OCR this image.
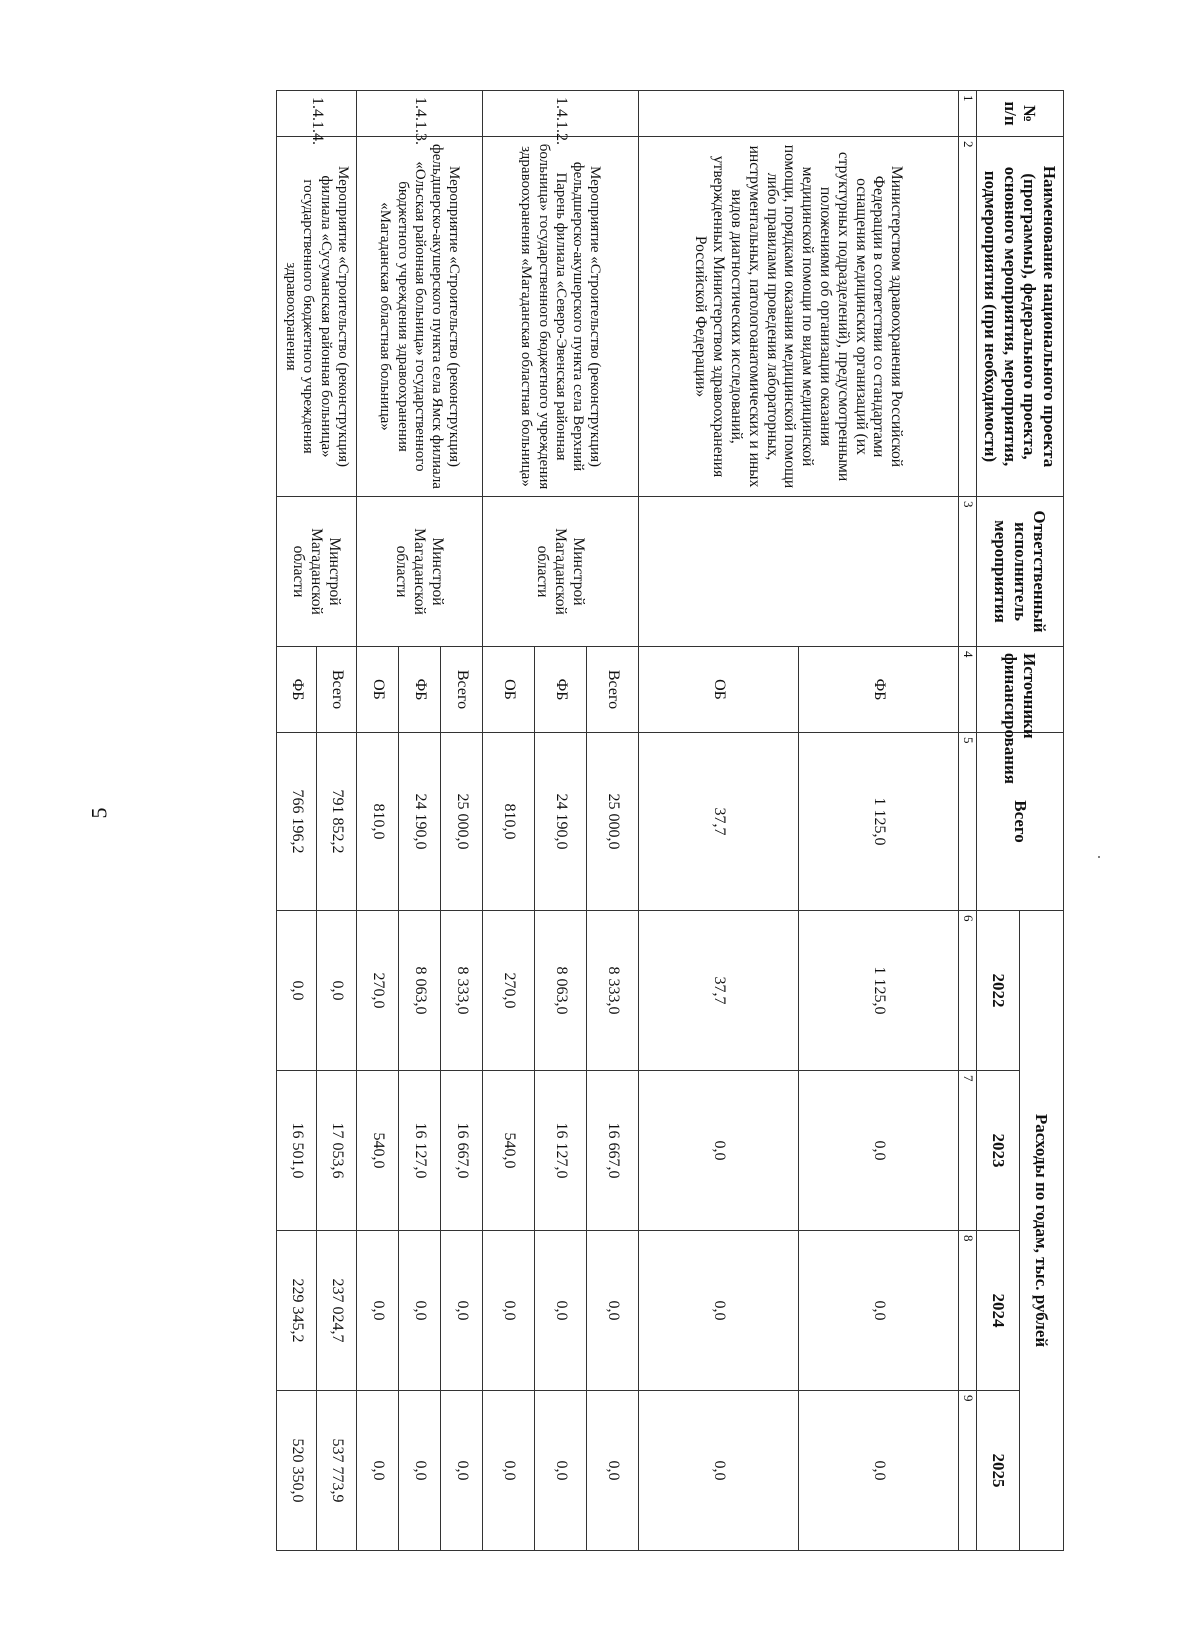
5
№ п/п	Наименование национального проекта (программы), федерального проекта, основного мероприятия, мероприятия, подмероприятия (при необходимости)	Ответственный исполнитель мероприятия	Источники финансирования	Всего	Расходы по годам, тыс. рублей			
					2022	2023	2024	2025
1	2	3	4	5	6	7	8	9
	Министерством здравоохранения Российской Федерации в соответствии со стандартами оснащения медицинских организаций (их структурных подразделений), предусмотренными положениями об организации оказания медицинской помощи по видам медицинской помощи, порядками оказания медицинской помощи либо правилами проведения лабораторных, инструментальных, патологоанатомических и иных видов диагностических исследований, утвержденных Министерством здравоохранения Российской Федерации»		ФБ	1 125,0	1 125,0	0,0	0,0	0,0
			ОБ	37,7	37,7	0,0	0,0	0,0
1.4.1.2.	Мероприятие «Строительство (реконструкция) фельдшерско-акушерского пункта села Верхний Парень филиала «Северо-Эвенская районная больница» государственного бюджетного учреждения здравоохранения «Магаданская областная больница»	Минстрой Магаданской области	Всего	25 000,0	8 333,0	16 667,0	0,0	0,0
			ФБ	24 190,0	8 063,0	16 127,0	0,0	0,0
			ОБ	810,0	270,0	540,0	0,0	0,0
1.4.1.3.	Мероприятие «Строительство (реконструкция) фельдшерско-акушерского пункта села Ямск филиала «Ольская районная больница» государственного бюджетного учреждения здравоохранения «Магаданская областная больница»	Минстрой Магаданской области	Всего	25 000,0	8 333,0	16 667,0	0,0	0,0
			ФБ	24 190,0	8 063,0	16 127,0	0,0	0,0
			ОБ	810,0	270,0	540,0	0,0	0,0
1.4.1.4.	Мероприятие «Строительство (реконструкция) филиала «Сусуманская районная больница» государственного бюджетного учреждения здравоохранения	Минстрой Магаданской области	Всего	791 852,2	0,0	17 053,6	237 024,7	537 773,9
			ФБ	766 196,2	0,0	16 501,0	229 345,2	520 350,0
